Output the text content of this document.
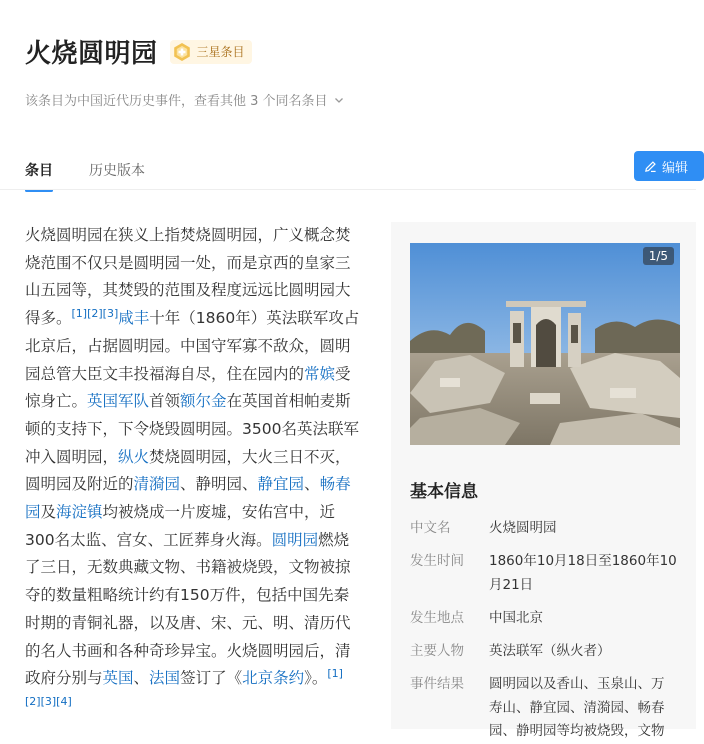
火烧圆明园	三星条目
该条目为中国近代历史事件，查看其他 3 个同名条目
条目	历史版本	编辑
火烧圆明园在狭义上指焚烧圆明园，广义概念焚
烧范围不仅只是圆明园一处，而是京西的皇家三
山五园等，其焚毁的范围及程度远远比圆明园大
得多。[1][2][3]咸丰十年（1860年）英法联军攻占
北京后，占据圆明园。中国守军寡不敌众，圆明
园总管大臣文丰投福海自尽，住在园内的常嫔受
惊身亡。英国军队首领额尔金在英国首相帕麦斯
顿的支持下，下令烧毁圆明园。3500名英法联军
冲入圆明园，纵火焚烧圆明园，大火三日不灭，
圆明园及附近的清漪园、静明园、静宜园、畅春
园及海淀镇均被烧成一片废墟，安佑宫中，近
300名太监、宫女、工匠葬身火海。圆明园燃烧
了三日，无数典藏文物、书籍被烧毁，文物被掠
夺的数量粗略统计约有150万件，包括中国先秦
时期的青铜礼器，以及唐、宋、元、明、清历代
的名人书画和各种奇珍异宝。火烧圆明园后，清
政府分别与英国、法国签订了《北京条约》。[1]
[2][3][4]
1/5
基本信息
中文名	火烧圆明园
发生时间	1860年10月18日至1860年10
月21日
发生地点	中国北京
主要人物	英法联军（纵火者）
事件结果	圆明园以及香山、玉泉山、万
寿山、静宜园、清漪园、畅春
园、静明园等均被烧毁，文物
